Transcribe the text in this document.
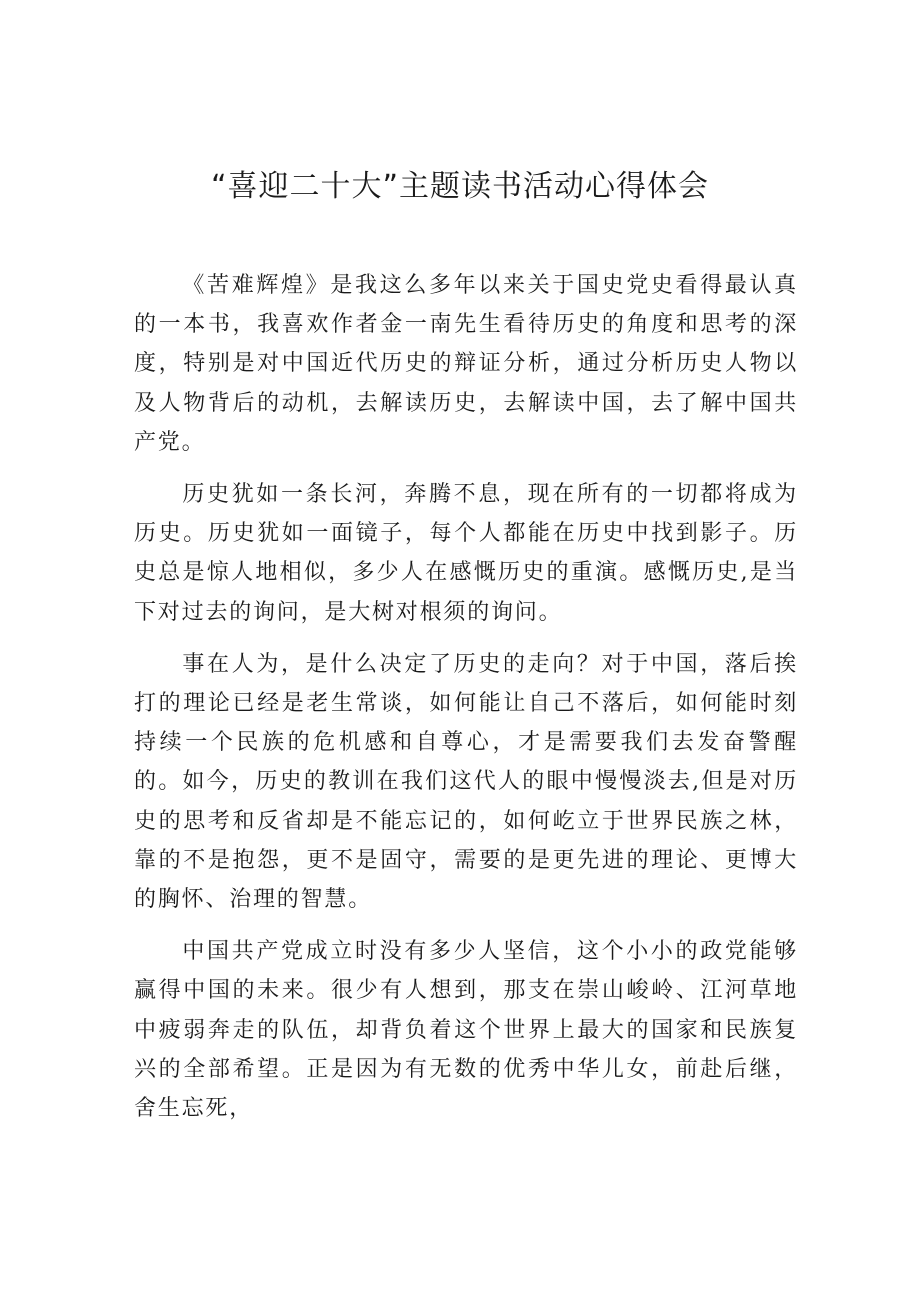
“喜迎二十大”主题读书活动心得体会

《苦难辉煌》是我这么多年以来关于国史党史看得最认真的一本书，我喜欢作者金一南先生看待历史的角度和思考的深度，特别是对中国近代历史的辩证分析，通过分析历史人物以及人物背后的动机，去解读历史，去解读中国，去了解中国共产党。

历史犹如一条长河，奔腾不息，现在所有的一切都将成为历史。历史犹如一面镜子，每个人都能在历史中找到影子。历史总是惊人地相似，多少人在感慨历史的重演。感慨历史,是当下对过去的询问，是大树对根须的询问。

事在人为，是什么决定了历史的走向？对于中国，落后挨打的理论已经是老生常谈，如何能让自己不落后，如何能时刻持续一个民族的危机感和自尊心，才是需要我们去发奋警醒的。如今，历史的教训在我们这代人的眼中慢慢淡去,但是对历史的思考和反省却是不能忘记的，如何屹立于世界民族之林，靠的不是抱怨，更不是固守，需要的是更先进的理论、更博大的胸怀、治理的智慧。

中国共产党成立时没有多少人坚信，这个小小的政党能够赢得中国的未来。很少有人想到，那支在崇山峻岭、江河草地中疲弱奔走的队伍，却背负着这个世界上最大的国家和民族复兴的全部希望。正是因为有无数的优秀中华儿女，前赴后继，舍生忘死，
